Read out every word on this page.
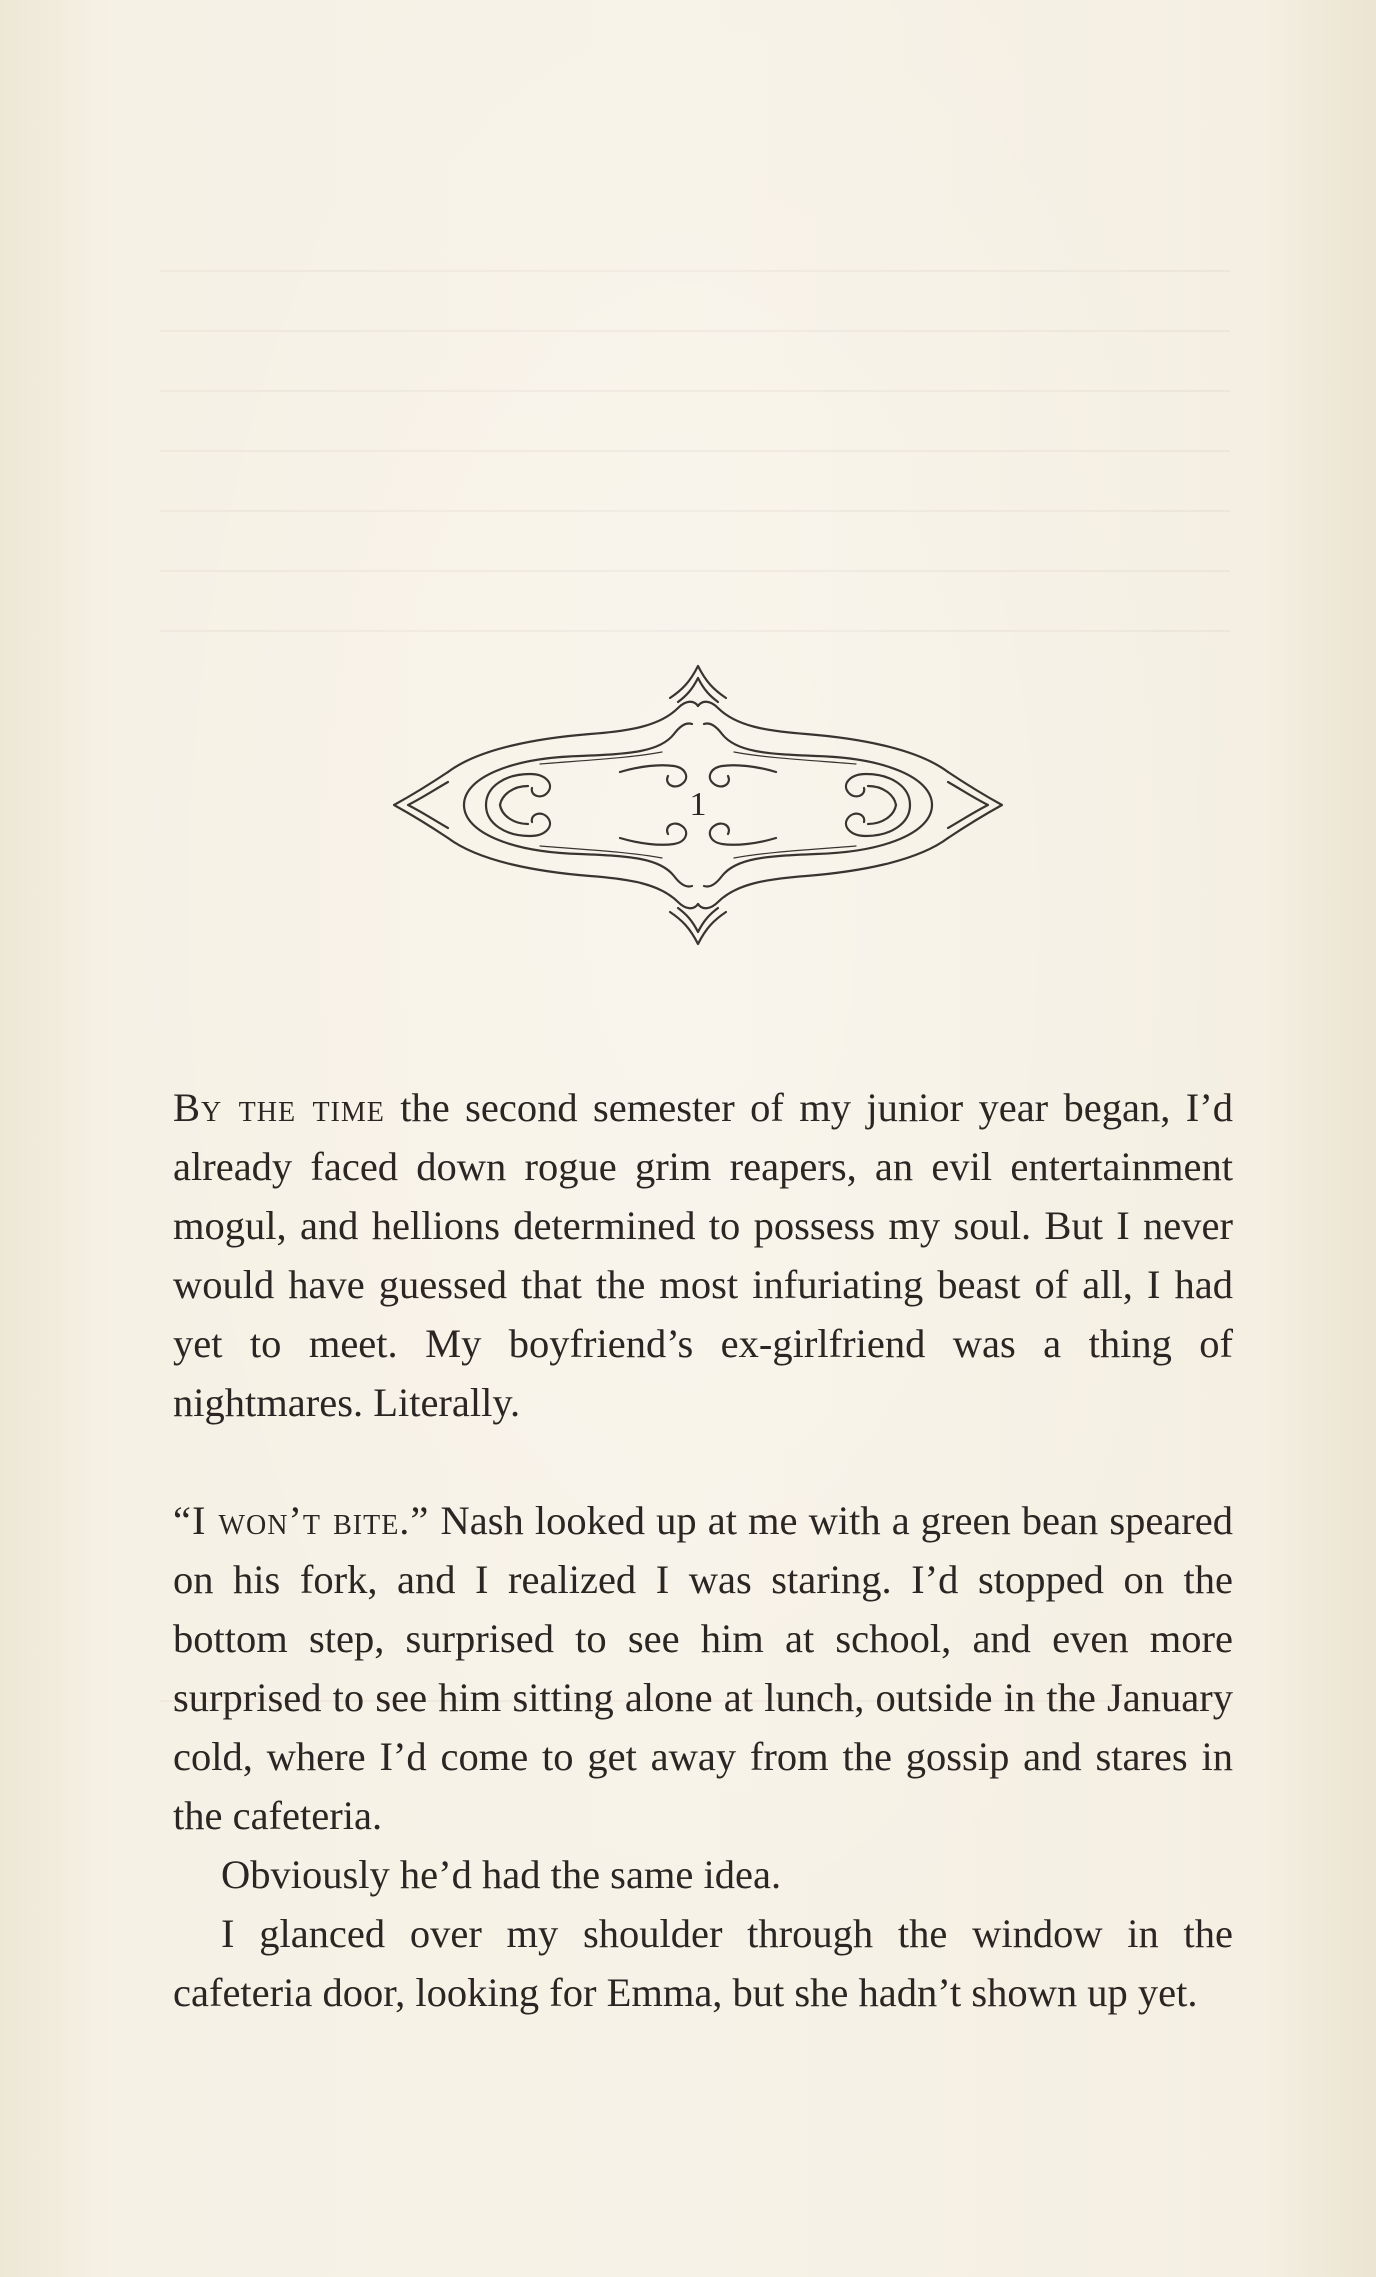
1

By the time the second semester of my junior year began, I’d already faced down rogue grim reapers, an evil entertainment mogul, and hellions determined to possess my soul. But I never would have guessed that the most infuriating beast of all, I had yet to meet. My boyfriend’s ex-girlfriend was a thing of nightmares. Literally.

“I won’t bite.” Nash looked up at me with a green bean speared on his fork, and I realized I was staring. I’d stopped on the bottom step, surprised to see him at school, and even more surprised to see him sitting alone at lunch, outside in the January cold, where I’d come to get away from the gossip and stares in the cafeteria.

Obviously he’d had the same idea.

I glanced over my shoulder through the window in the cafeteria door, looking for Emma, but she hadn’t shown up yet.
